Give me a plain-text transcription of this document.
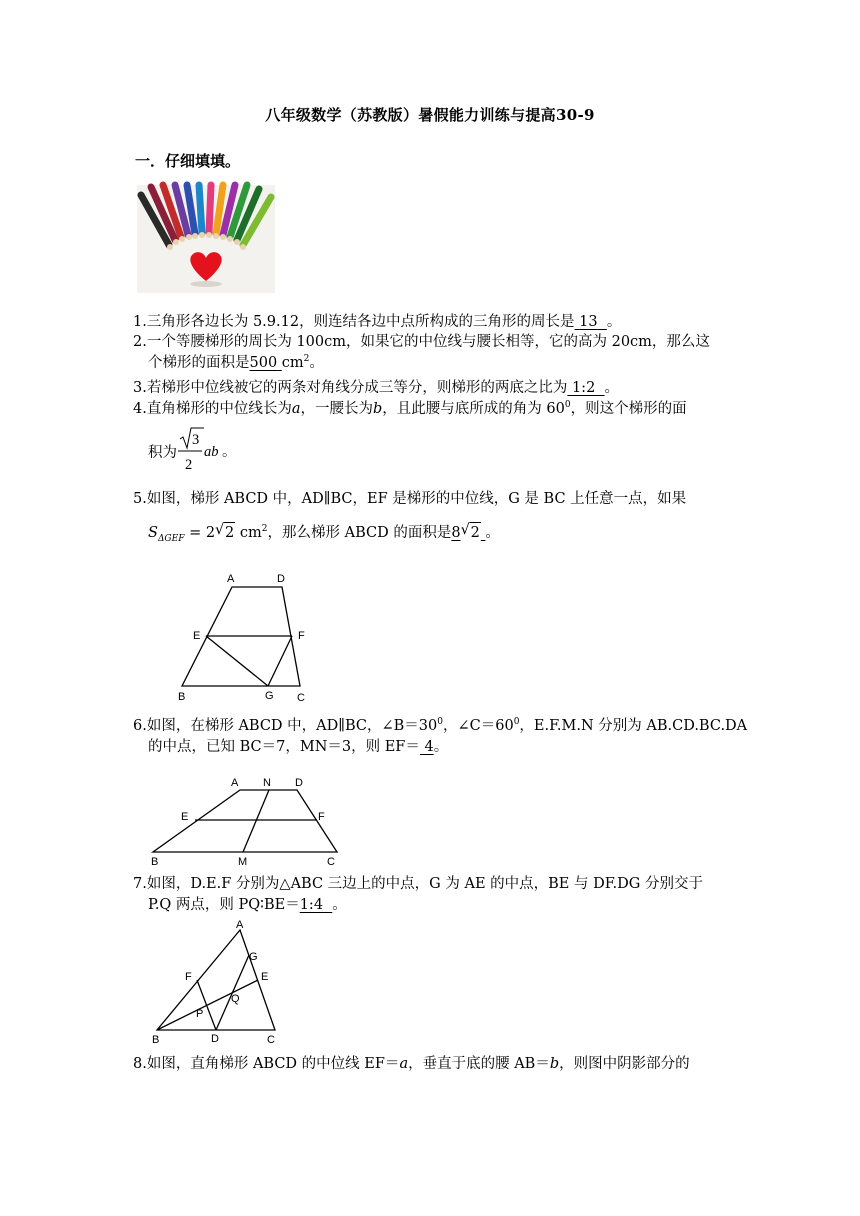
八年级数学（苏教版）暑假能力训练与提高30-9
一．仔细填填。
1.三角形各边长为 5.9.12，则连结各边中点所构成的三角形的周长是 13 。
2.一个等腰梯形的周长为 100cm，如果它的中位线与腰长相等，它的高为 20cm，那么这
个梯形的面积是500 $cm^2$。
3.若梯形中位线被它的两条对角线分成三等分，则梯形的两底之比为 1:2 。
4.直角梯形的中位线长为a，一腰长为b，且此腰与底所成的角为 $60^0$，则这个梯形的面
积为
3
2
ab 。
5.如图，梯形 ABCD 中，AD∥BC，EF 是梯形的中位线，G 是 BC 上任意一点，如果
$S_{\Delta GEF} = 2$ √ 2 $cm^2$，那么梯形 ABCD 的面积是8 √ 2 。
A	D
E	F
B	G C
6.如图，在梯形 ABCD 中，AD∥BC，$\angle B=30^0$，$\angle C=60^0$，E.F.M.N 分别为 AB.CD.BC.DA
的中点，已知 BC＝7，MN＝3，则 EF＝ 4。
A N D
E	F
B	M	C
7.如图，D.E.F 分别为△ABC 三边上的中点，G 为 AE 的中点，BE 与 DF.DG 分别交于
P.Q 两点，则 PQ∶BE＝1:4 。
A
G
E
F
Q
P
B	D	C
8.如图，直角梯形 ABCD 的中位线 EF＝a，垂直于底的腰 AB＝b，则图中阴影部分的
